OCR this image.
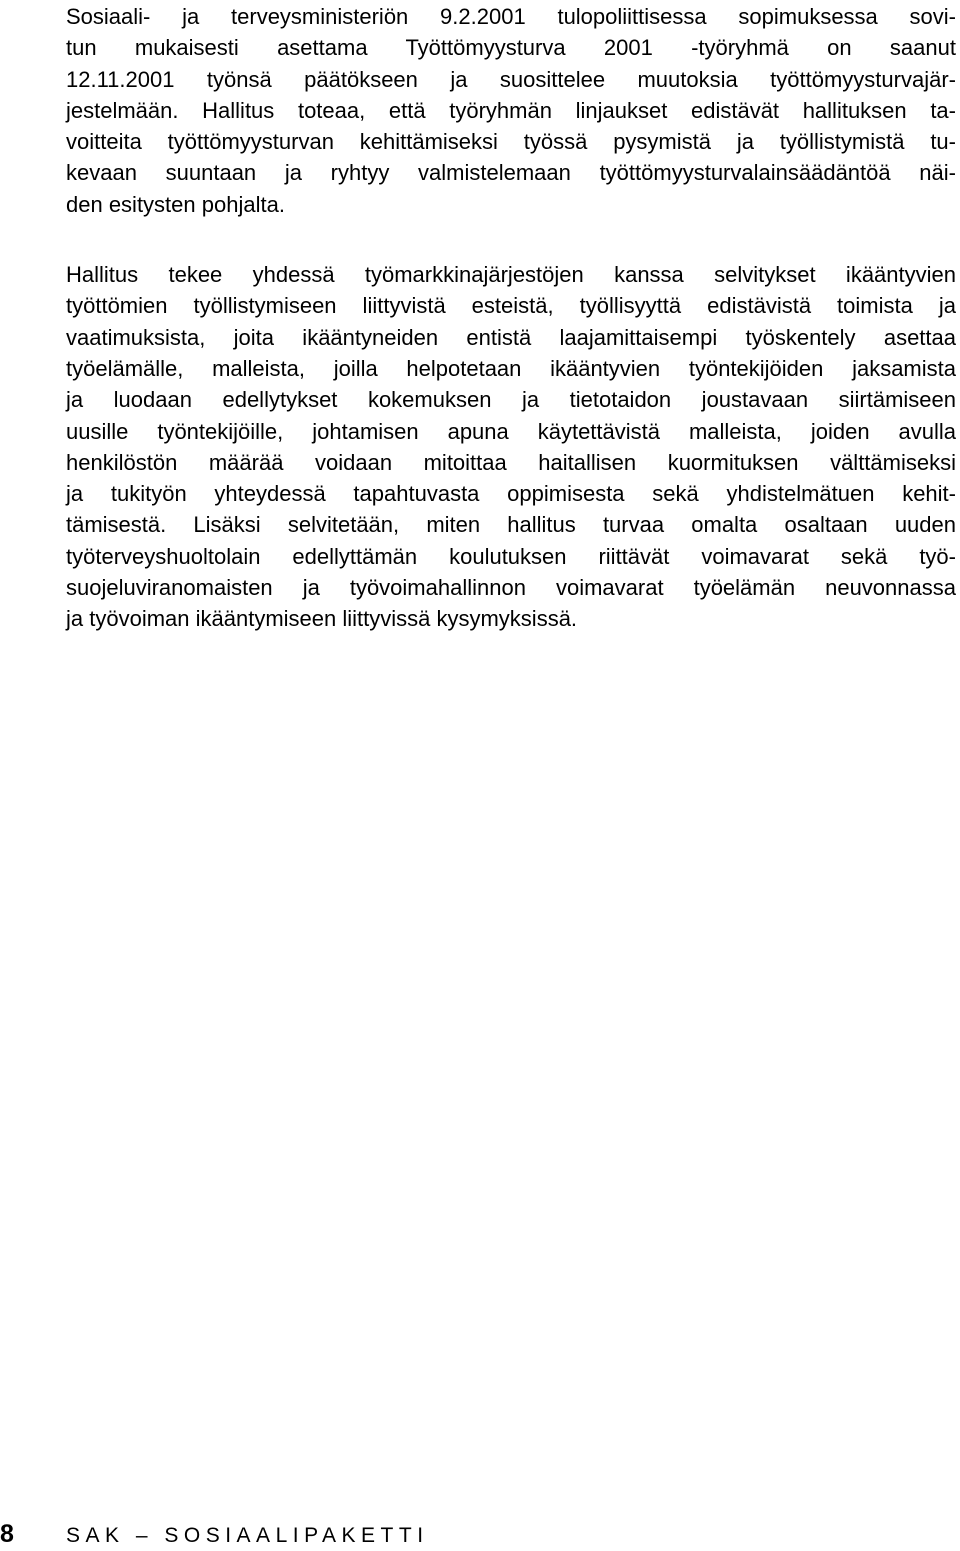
Sosiaali- ja terveysministeriön 9.2.2001 tulopoliittisessa sopimuksessa sovi-
tun mukaisesti asettama Työttömyysturva 2001 -työryhmä on saanut
12.11.2001 työnsä päätökseen ja suosittelee muutoksia työttömyysturvajär-
jestelmään. Hallitus toteaa, että työryhmän linjaukset edistävät hallituksen ta-
voitteita työttömyysturvan kehittämiseksi työssä pysymistä ja työllistymistä tu-
kevaan suuntaan ja ryhtyy valmistelemaan työttömyysturvalainsäädäntöä näi-
den esitysten pohjalta.
Hallitus tekee yhdessä työmarkkinajärjestöjen kanssa selvitykset ikääntyvien
työttömien työllistymiseen liittyvistä esteistä, työllisyyttä edistävistä toimista ja
vaatimuksista, joita ikääntyneiden entistä laajamittaisempi työskentely asettaa
työelämälle, malleista, joilla helpotetaan ikääntyvien työntekijöiden jaksamista
ja luodaan edellytykset kokemuksen ja tietotaidon joustavaan siirtämiseen
uusille työntekijöille, johtamisen apuna käytettävistä malleista, joiden avulla
henkilöstön määrää voidaan mitoittaa haitallisen kuormituksen välttämiseksi
ja tukityön yhteydessä tapahtuvasta oppimisesta sekä yhdistelmätuen kehit-
tämisestä. Lisäksi selvitetään, miten hallitus turvaa omalta osaltaan uuden
työterveyshuoltolain edellyttämän koulutuksen riittävät voimavarat sekä työ-
suojeluviranomaisten ja työvoimahallinnon voimavarat työelämän neuvonnassa
ja työvoiman ikääntymiseen liittyvissä kysymyksissä.
8 SAK – SOSIAALIPAKETTI
